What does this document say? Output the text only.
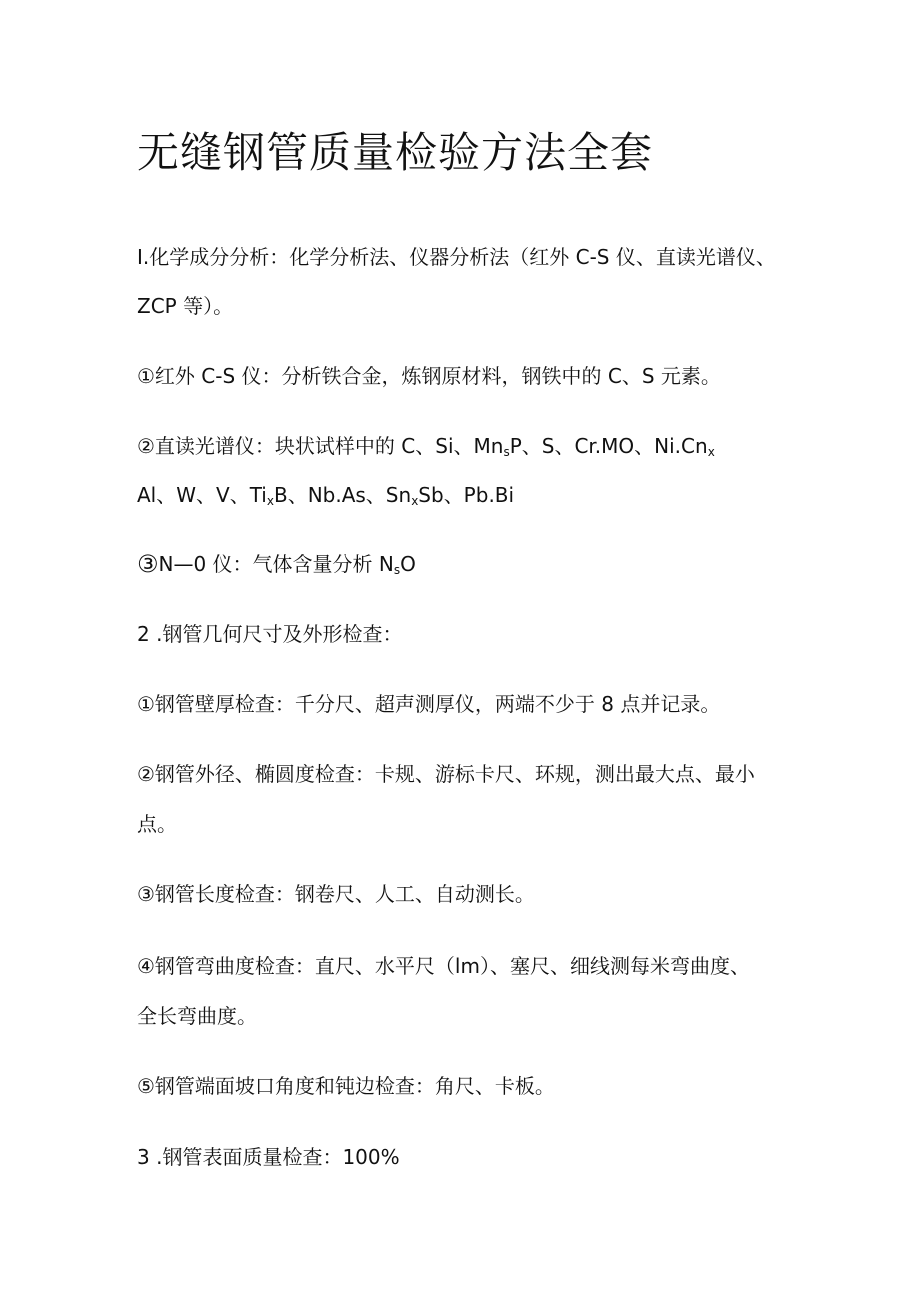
无缝钢管质量检验方法全套

I.化学成分分析：化学分析法、仪器分析法（红外 C-S 仪、直读光谱仪、

ZCP 等）。

①红外 C-S 仪：分析铁合金，炼钢原材料，钢铁中的 C、S 元素。

②直读光谱仪：块状试样中的 C、Si、MnsP、S、Cr.MO、Ni.Cnx

Al、W、V、TixB、Nb.As、SnxSb、Pb.Bi

③N—0 仪：气体含量分析 NsO

2 .钢管几何尺寸及外形检查：

①钢管壁厚检查：千分尺、超声测厚仪，两端不少于 8 点并记录。

②钢管外径、椭圆度检查：卡规、游标卡尺、环规，测出最大点、最小

点。

③钢管长度检查：钢卷尺、人工、自动测长。

④钢管弯曲度检查：直尺、水平尺（lm）、塞尺、细线测每米弯曲度、

全长弯曲度。

⑤钢管端面坡口角度和钝边检查：角尺、卡板。

3 .钢管表面质量检查：100%
